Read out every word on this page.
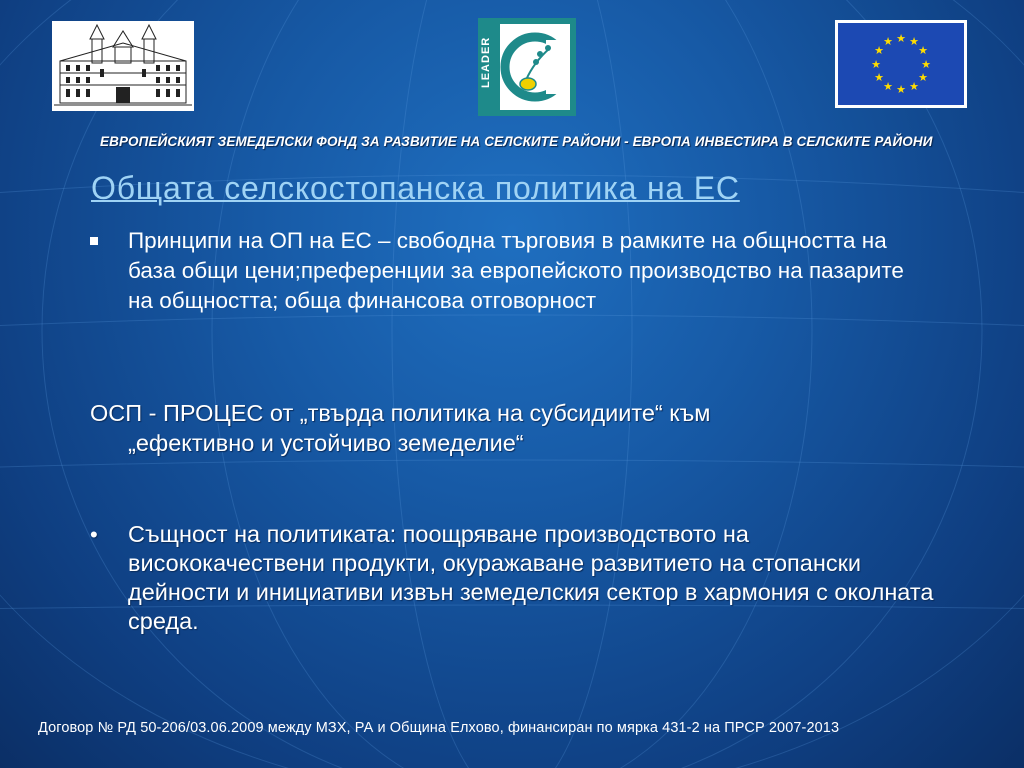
LEADER	★ ★
★
★
★
★
★
★
★
★
★
★
ЕВРОПЕЙСКИЯТ ЗЕМЕДЕЛСКИ ФОНД ЗА РАЗВИТИЕ НА СЕЛСКИТЕ РАЙОНИ - ЕВРОПА ИНВЕСТИРА В СЕЛСКИТЕ РАЙОНИ
Общата селскостопанска политика на ЕС
Принципи на ОП на ЕС – свободна търговия в рамките на общността на база общи цени;преференции за европейското производство на пазарите на общността; обща финансова отговорност
ОСП - ПРОЦЕС от „твърда политика на субсидиите“ към
„ефективно и устойчиво земеделие“
• Същност на политиката: поощряване производството на висококачествени продукти, окуражаване развитието на стопански дейности и инициативи извън земеделския сектор в хармония с околната среда.
Договор № РД 50-206/03.06.2009 между МЗХ, РА и Община Елхово, финансиран по мярка 431-2 на ПРСР 2007-2013
